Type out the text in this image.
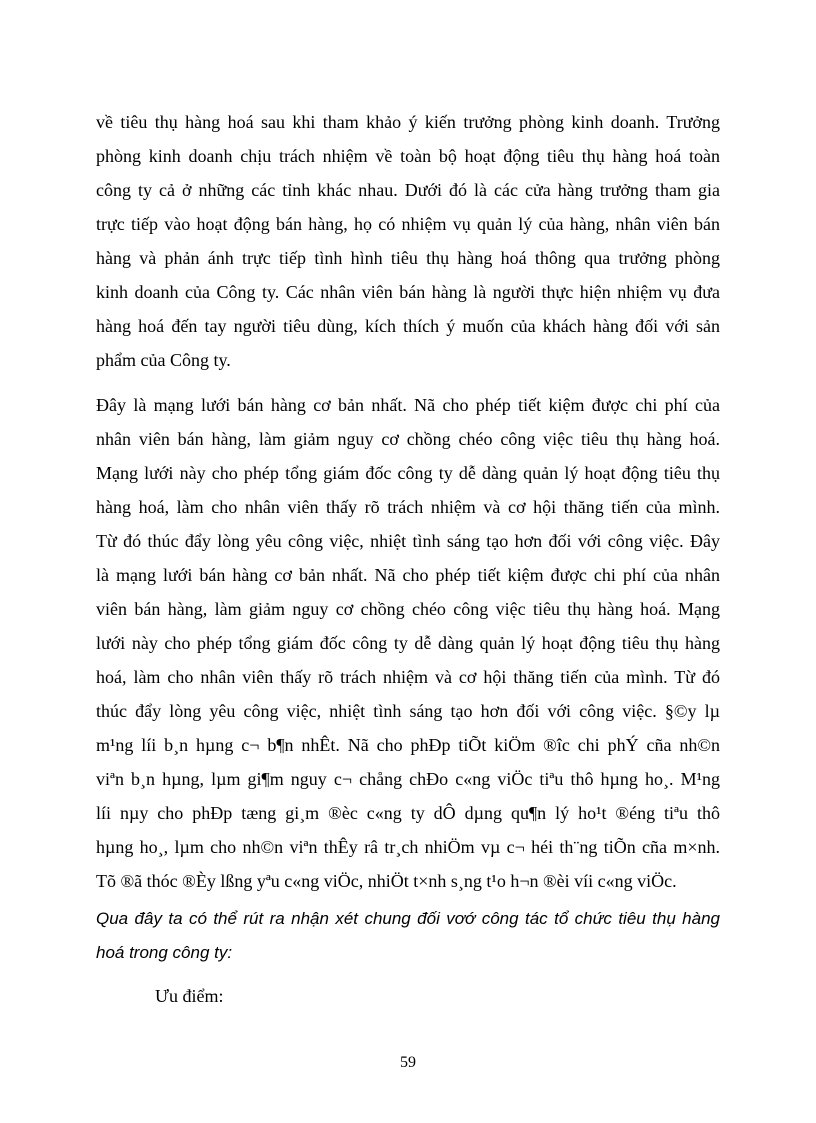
về tiêu thụ hàng hoá sau khi tham khảo ý kiến trưởng phòng kinh doanh. Trưởng
phòng kinh doanh chịu trách nhiệm về toàn bộ hoạt động tiêu thụ hàng hoá toàn
công ty cả ở những các tỉnh khác nhau. Dưới đó là các cửa hàng trưởng tham gia
trực tiếp vào hoạt động bán hàng, họ có nhiệm vụ quản lý của hàng, nhân viên bán
hàng và phản ánh trực tiếp tình hình tiêu thụ hàng hoá thông qua trưởng phòng
kinh doanh của Công ty. Các nhân viên bán hàng là người thực hiện nhiệm vụ đưa
hàng hoá đến tay người tiêu dùng, kích thích ý muốn của khách hàng đối với sản
phẩm của Công ty.
Đây là mạng lưới bán hàng cơ bản nhất. Nã cho phép tiết kiệm được chi phí của
nhân viên bán hàng, làm giảm nguy cơ chồng chéo công việc tiêu thụ hàng hoá.
Mạng lưới này cho phép tổng giám đốc công ty dễ dàng quản lý hoạt động tiêu thụ
hàng hoá, làm cho nhân viên thấy rõ trách nhiệm và cơ hội thăng tiến của mình.
Từ đó thúc đẩy lòng yêu công việc, nhiệt tình sáng tạo hơn đối với công việc. Đây
là mạng lưới bán hàng cơ bản nhất. Nã cho phép tiết kiệm được chi phí của nhân
viên bán hàng, làm giảm nguy cơ chồng chéo công việc tiêu thụ hàng hoá. Mạng
lưới này cho phép tổng giám đốc công ty dễ dàng quản lý hoạt động tiêu thụ hàng
hoá, làm cho nhân viên thấy rõ trách nhiệm và cơ hội thăng tiến của mình. Từ đó
thúc đẩy lòng yêu công việc, nhiệt tình sáng tạo hơn đối với công việc. §©y lµ
m¹ng líi b¸n hµng c¬ b¶n nhÊt. Nã cho phÐp tiÕt kiÖm ®îc chi phÝ cña nh©n
viªn b¸n hµng, lµm gi¶m nguy c¬ chång chÐo c«ng viÖc tiªu thô hµng ho¸. M¹ng
líi nµy cho phÐp tæng gi¸m ®èc c«ng ty dÔ dµng qu¶n lý ho¹t ®éng tiªu thô
hµng ho¸, lµm cho nh©n viªn thÊy râ tr¸ch nhiÖm vµ c¬ héi th¨ng tiÕn cña m×nh.
Tõ ®ã thóc ®Èy lßng yªu c«ng viÖc, nhiÖt t×nh s¸ng t¹o h¬n ®èi víi c«ng viÖc.
Qua đây ta có thể rút ra nhận xét chung đối vơớ công tác tổ chức tiêu thụ hàng
hoá trong công ty:
Ưu điểm:
59
